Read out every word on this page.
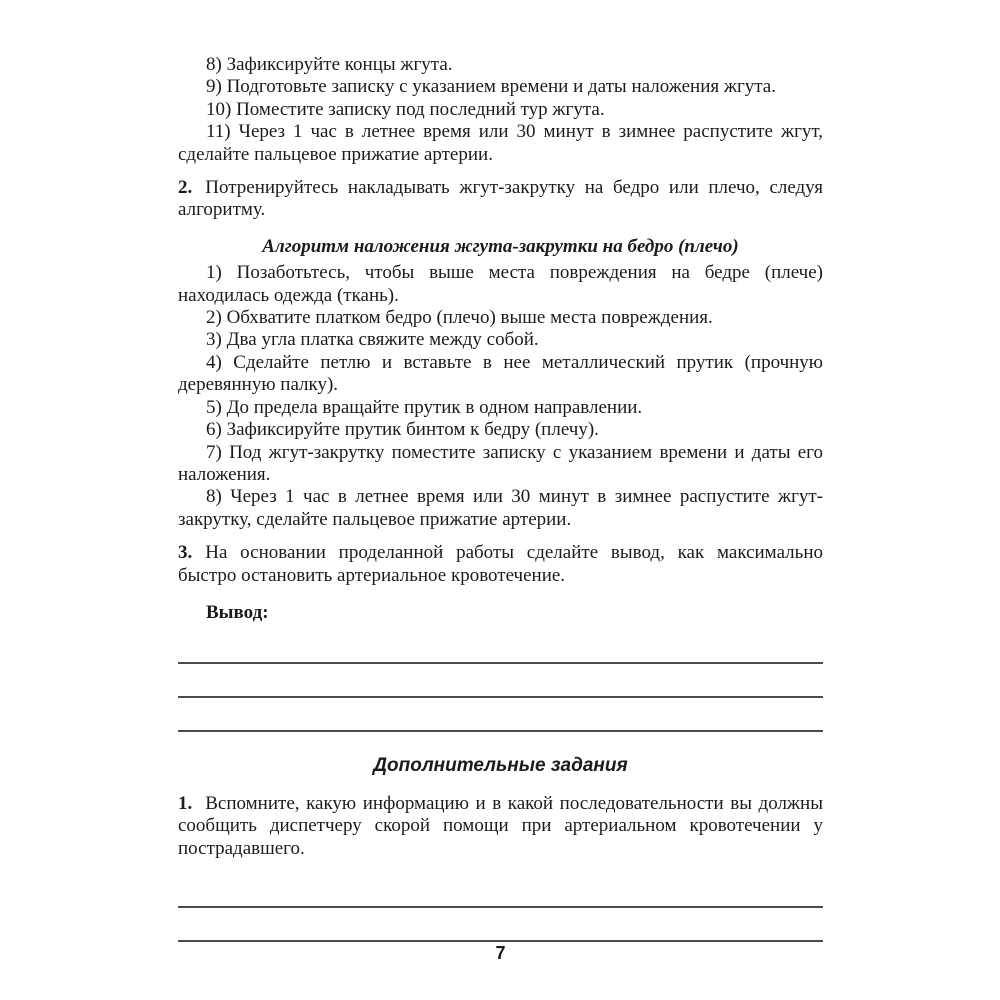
8) Зафиксируйте концы жгута.

9) Подготовьте записку с указанием времени и даты наложения жгута.

10) Поместите записку под последний тур жгута.

11) Через 1 час в летнее время или 30 минут в зимнее распустите жгут, сделайте пальцевое прижатие артерии.

2. Потренируйтесь накладывать жгут-закрутку на бедро или плечо, следуя алгоритму.

Алгоритм наложения жгута-закрутки на бедро (плечо)

1) Позаботьтесь, чтобы выше места повреждения на бедре (плече) находилась одежда (ткань).

2) Обхватите платком бедро (плечо) выше места повреждения.

3) Два угла платка свяжите между собой.

4) Сделайте петлю и вставьте в нее металлический прутик (прочную деревянную палку).

5) До предела вращайте прутик в одном направлении.

6) Зафиксируйте прутик бинтом к бедру (плечу).

7) Под жгут-закрутку поместите записку с указанием времени и даты его наложения.

8) Через 1 час в летнее время или 30 минут в зимнее распустите жгут-закрутку, сделайте пальцевое прижатие артерии.

3. На основании проделанной работы сделайте вывод, как максимально быстро остановить артериальное кровотечение.

Вывод:

Дополнительные задания

1. Вспомните, какую информацию и в какой последовательности вы должны сообщить диспетчеру скорой помощи при артериальном кровотечении у пострадавшего.

7
